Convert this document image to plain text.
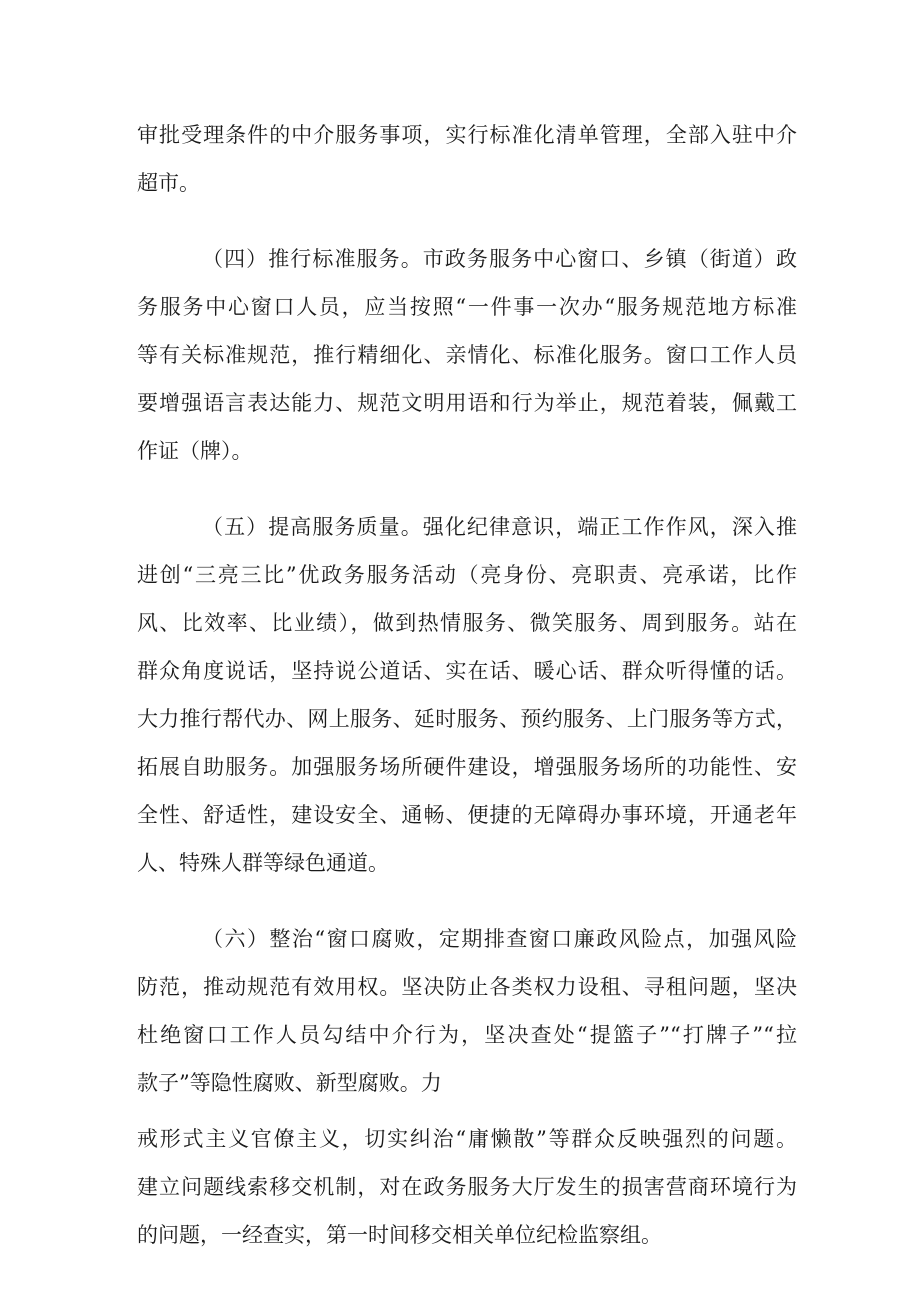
审批受理条件的中介服务事项，实行标准化清单管理，全部入驻中介
超市。
（四）推行标准服务。市政务服务中心窗口、乡镇（街道）政
务服务中心窗口人员，应当按照“一件事一次办“服务规范地方标准
等有关标准规范，推行精细化、亲情化、标准化服务。窗口工作人员
要增强语言表达能力、规范文明用语和行为举止，规范着装，佩戴工
作证（牌）。
（五）提高服务质量。强化纪律意识，端正工作作风，深入推
进创“三亮三比”优政务服务活动（亮身份、亮职责、亮承诺，比作
风、比效率、比业绩），做到热情服务、微笑服务、周到服务。站在
群众角度说话，坚持说公道话、实在话、暖心话、群众听得懂的话。
大力推行帮代办、网上服务、延时服务、预约服务、上门服务等方式，
拓展自助服务。加强服务场所硬件建设，增强服务场所的功能性、安
全性、舒适性，建设安全、通畅、便捷的无障碍办事环境，开通老年
人、特殊人群等绿色通道。
（六）整治“窗口腐败，定期排查窗口廉政风险点，加强风险
防范，推动规范有效用权。坚决防止各类权力设租、寻租问题，坚决
杜绝窗口工作人员勾结中介行为，坚决查处“提篮子”“打牌子”“拉
款子”等隐性腐败、新型腐败。力
戒形式主义官僚主义，切实纠治“庸懒散”等群众反映强烈的问题。
建立问题线索移交机制，对在政务服务大厅发生的损害营商环境行为
的问题，一经查实，第一时间移交相关单位纪检监察组。
